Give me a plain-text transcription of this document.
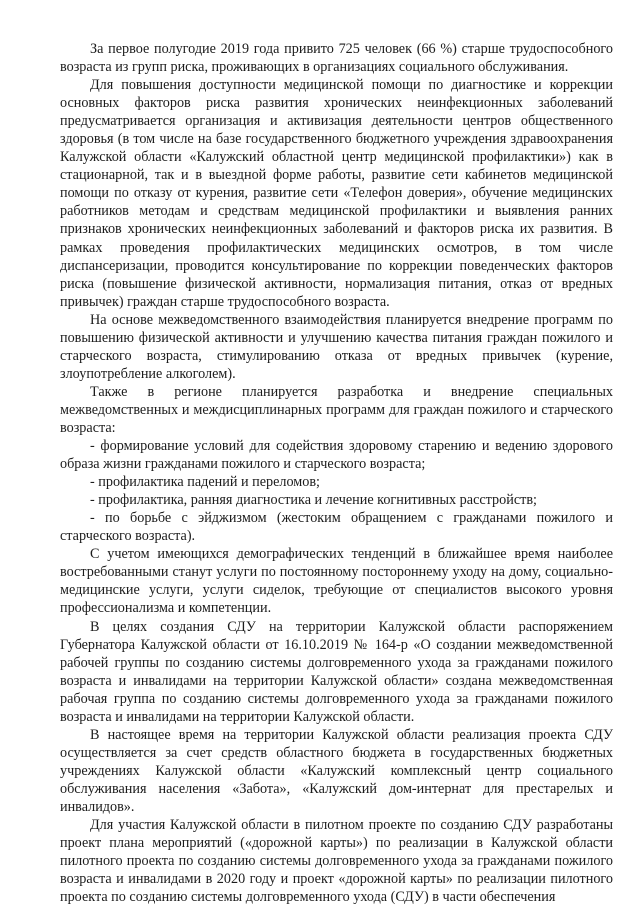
За первое полугодие 2019 года привито 725 человек (66 %) старше трудоспособного возраста из групп риска, проживающих в организациях социального обслуживания.

Для повышения доступности медицинской помощи по диагностике и коррекции основных факторов риска развития хронических неинфекционных заболеваний предусматривается организация и активизация деятельности центров общественного здоровья (в том числе на базе государственного бюджетного учреждения здравоохранения Калужской области «Калужский областной центр медицинской профилактики») как в стационарной, так и в выездной форме работы, развитие сети кабинетов медицинской помощи по отказу от курения, развитие сети «Телефон доверия», обучение медицинских работников методам и средствам медицинской профилактики и выявления ранних признаков хронических неинфекционных заболеваний и факторов риска их развития. В рамках проведения профилактических медицинских осмотров, в том числе диспансеризации, проводится консультирование по коррекции поведенческих факторов риска (повышение физической активности, нормализация питания, отказ от вредных привычек) граждан старше трудоспособного возраста.

На основе межведомственного взаимодействия планируется внедрение программ по повышению физической активности и улучшению качества питания граждан пожилого и старческого возраста, стимулированию отказа от вредных привычек (курение, злоупотребление алкоголем).

Также в регионе планируется разработка и внедрение специальных межведомственных и междисциплинарных программ для граждан пожилого и старческого возраста:

- формирование условий для содействия здоровому старению и ведению здорового образа жизни гражданами пожилого и старческого возраста;

- профилактика падений и переломов;

- профилактика, ранняя диагностика и лечение когнитивных расстройств;

- по борьбе с эйджизмом (жестоким обращением с гражданами пожилого и старческого возраста).

С учетом имеющихся демографических тенденций в ближайшее время наиболее востребованными станут услуги по постоянному постороннему уходу на дому, социально-медицинские услуги, услуги сиделок, требующие от специалистов высокого уровня профессионализма и компетенции.

В целях создания СДУ на территории Калужской области распоряжением Губернатора Калужской области от 16.10.2019 № 164-р «О создании межведомственной рабочей группы по созданию системы долговременного ухода за гражданами пожилого возраста и инвалидами на территории Калужской области» создана межведомственная рабочая группа по созданию системы долговременного ухода за гражданами пожилого возраста и инвалидами на территории Калужской области.

В настоящее время на территории Калужской области реализация проекта СДУ осуществляется за счет средств областного бюджета в государственных бюджетных учреждениях Калужской области «Калужский комплексный центр социального обслуживания населения «Забота», «Калужский дом-интернат для престарелых и инвалидов».

Для участия Калужской области в пилотном проекте по созданию СДУ разработаны проект плана мероприятий («дорожной карты») по реализации в Калужской области пилотного проекта по созданию системы долговременного ухода за гражданами пожилого возраста и инвалидами в 2020 году и проект «дорожной карты» по реализации пилотного проекта по созданию системы долговременного ухода (СДУ) в части обеспечения
